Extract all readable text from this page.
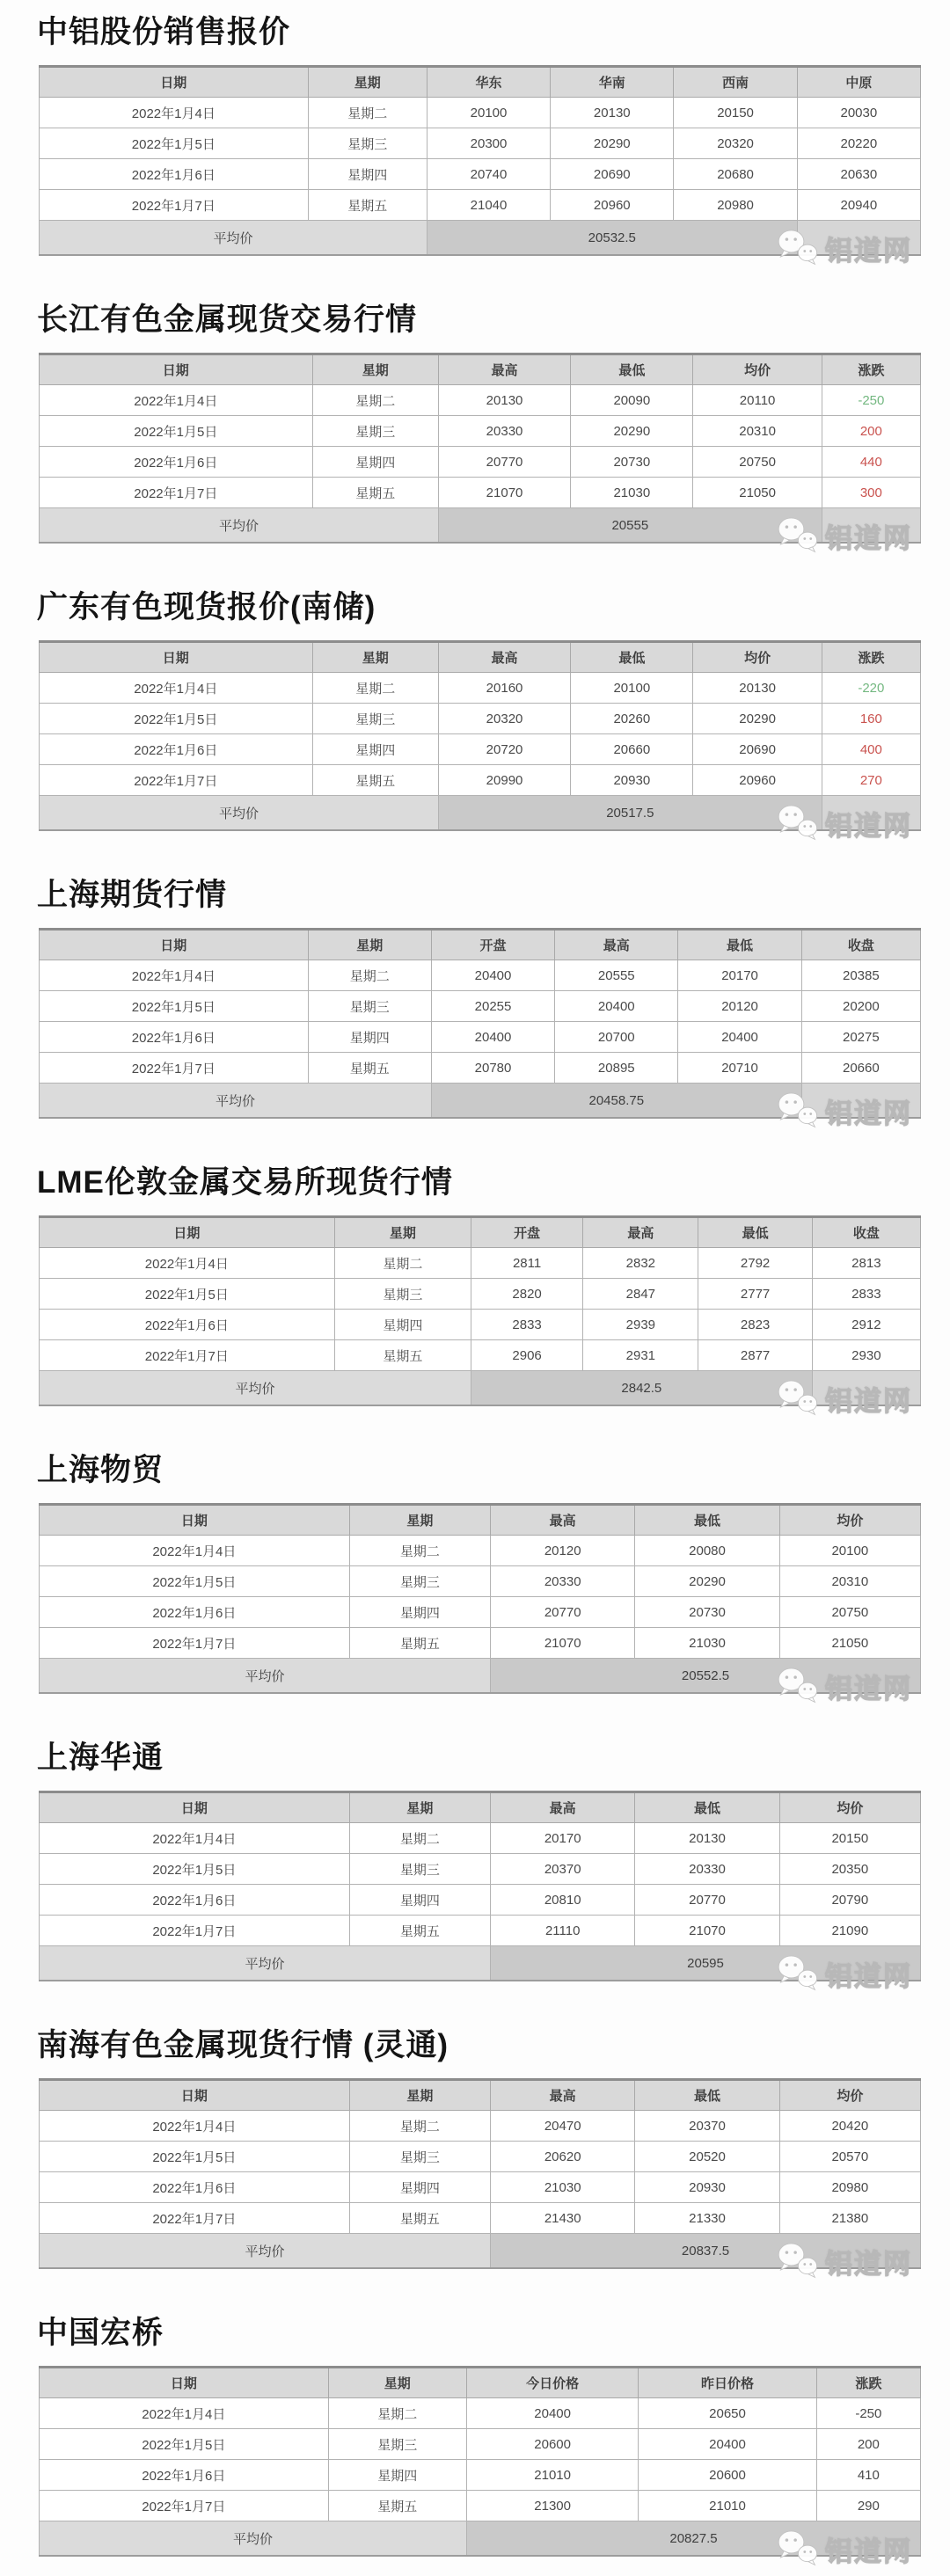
中铝股份销售报价
日期	星期	华东	华南	西南	中原
2022年1月4日	星期二	20100	20130	20150	20030
2022年1月5日	星期三	20300	20290	20320	20220
2022年1月6日	星期四	20740	20690	20680	20630
2022年1月7日	星期五	21040	20960	20980	20940
平均价		20532.5				铝道网
长江有色金属现货交易行情
日期	星期	最高	最低	均价	涨跌
2022年1月4日	星期二	20130	20090	20110	-250
2022年1月5日	星期三	20330	20290	20310	200
2022年1月6日	星期四	20770	20730	20750	440
2022年1月7日	星期五	21070	21030	21050	300
平均价		20555				铝道网
广东有色现货报价(南储)
日期	星期	最高	最低	均价	涨跌
2022年1月4日	星期二	20160	20100	20130	-220
2022年1月5日	星期三	20320	20260	20290	160
2022年1月6日	星期四	20720	20660	20690	400
2022年1月7日	星期五	20990	20930	20960	270
平均价		20517.5				铝道网
上海期货行情
日期	星期	开盘	最高	最低	收盘
2022年1月4日	星期二	20400	20555	20170	20385
2022年1月5日	星期三	20255	20400	20120	20200
2022年1月6日	星期四	20400	20700	20400	20275
2022年1月7日	星期五	20780	20895	20710	20660
平均价		20458.75				铝道网
LME伦敦金属交易所现货行情
日期	星期	开盘	最高	最低	收盘
2022年1月4日	星期二	2811	2832	2792	2813
2022年1月5日	星期三	2820	2847	2777	2833
2022年1月6日	星期四	2833	2939	2823	2912
2022年1月7日	星期五	2906	2931	2877	2930
平均价		2842.5				铝道网
上海物贸
日期	星期	最高	最低	均价
2022年1月4日	星期二	20120	20080	20100
2022年1月5日	星期三	20330	20290	20310
2022年1月6日	星期四	20770	20730	20750
2022年1月7日	星期五	21070	21030	21050
平均价		20552.5			铝道网
上海华通
日期	星期	最高	最低	均价
2022年1月4日	星期二	20170	20130	20150
2022年1月5日	星期三	20370	20330	20350
2022年1月6日	星期四	20810	20770	20790
2022年1月7日	星期五	21110	21070	21090
平均价		20595			铝道网
南海有色金属现货行情 (灵通)
日期	星期	最高	最低	均价
2022年1月4日	星期二	20470	20370	20420
2022年1月5日	星期三	20620	20520	20570
2022年1月6日	星期四	21030	20930	20980
2022年1月7日	星期五	21430	21330	21380
平均价		20837.5			铝道网
中国宏桥
日期	星期	今日价格	昨日价格	涨跌
2022年1月4日	星期二	20400	20650	-250
2022年1月5日	星期三	20600	20400	200
2022年1月6日	星期四	21010	20600	410
2022年1月7日	星期五	21300	21010	290
平均价		20827.5			铝道网
